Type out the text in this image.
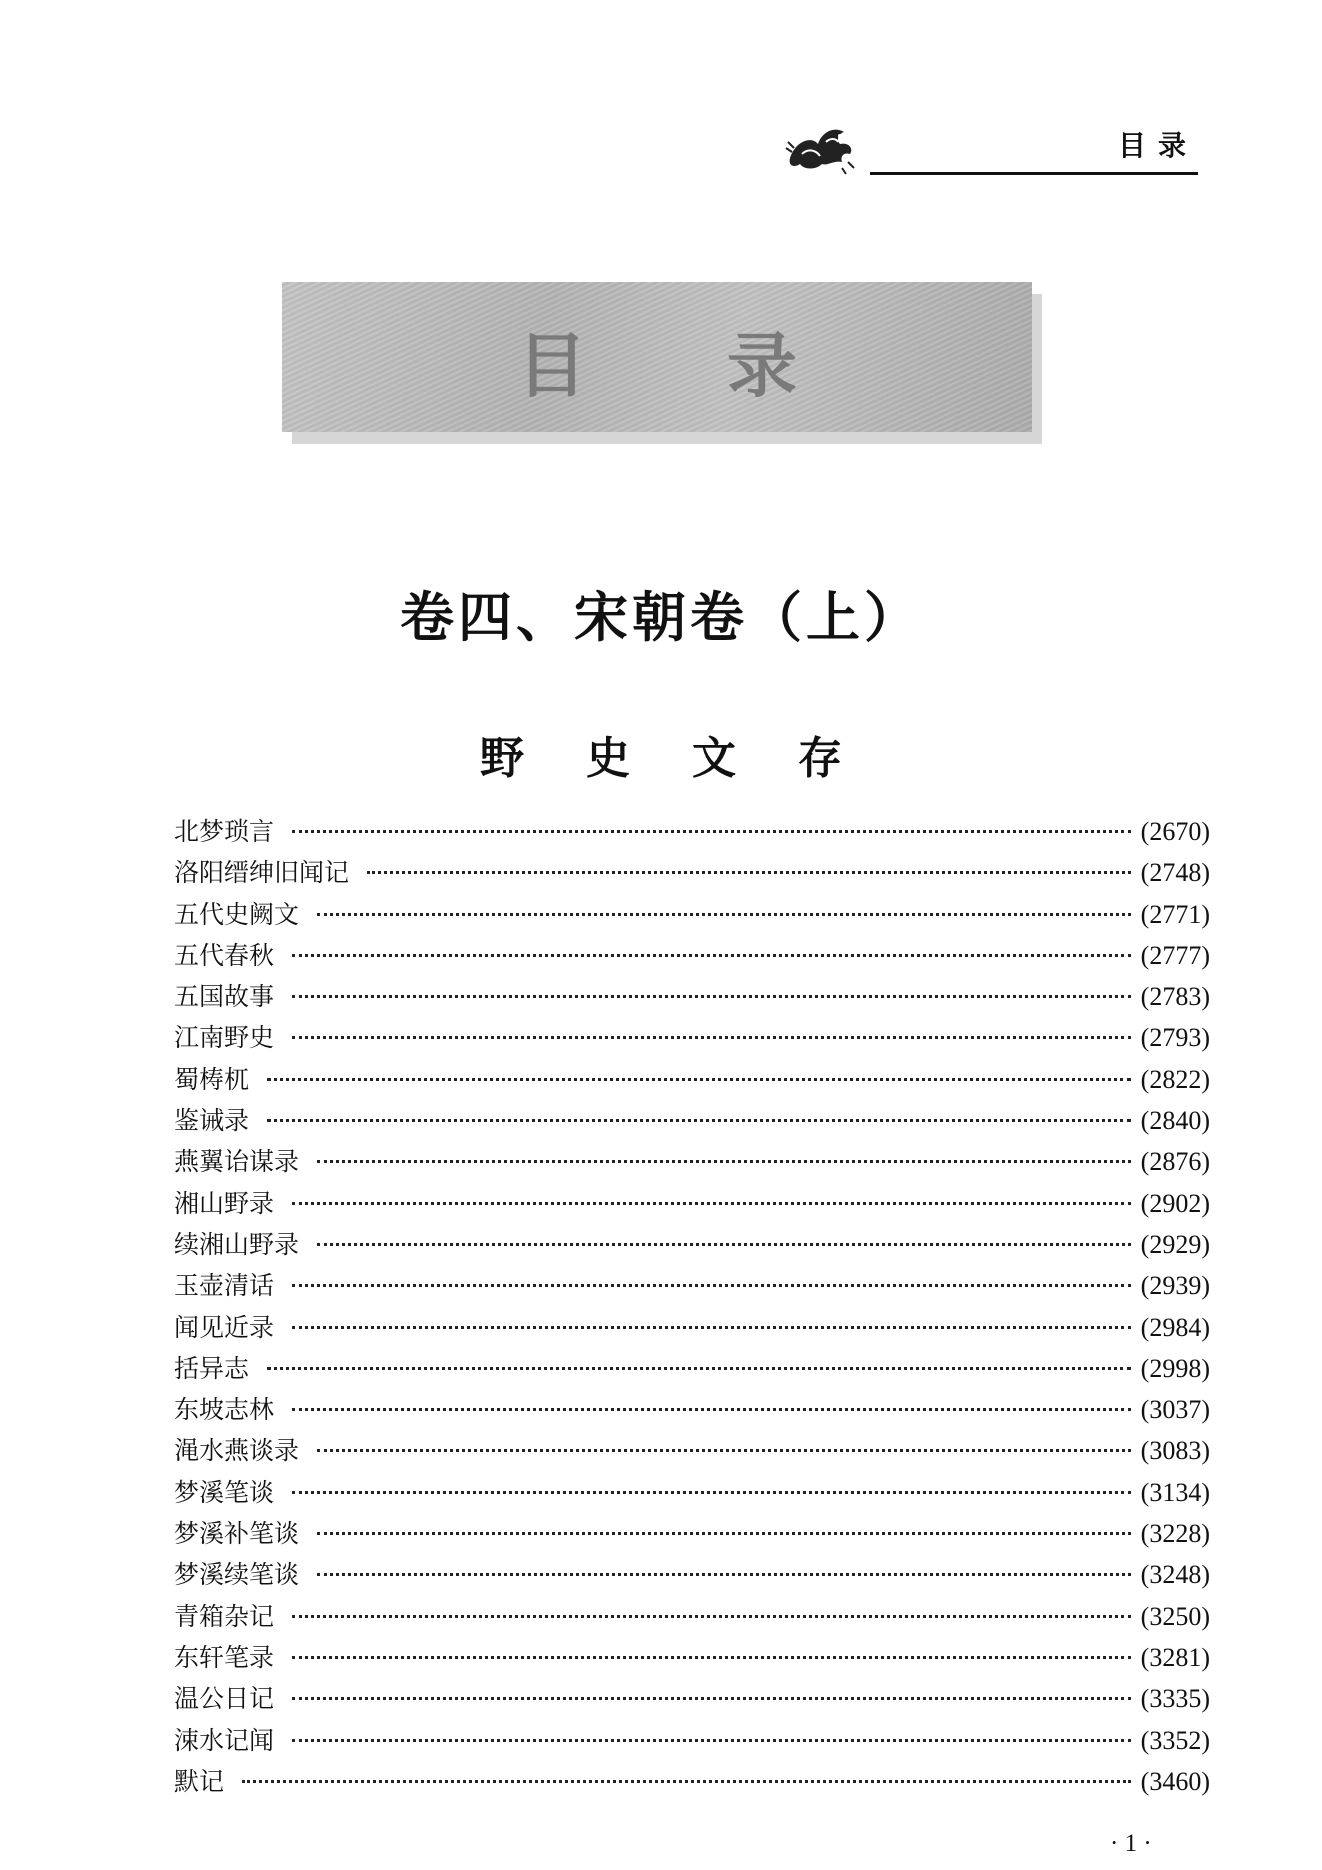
目录
目录
卷四、宋朝卷（上）
野史文存
北梦琐言	(2670)
洛阳缙绅旧闻记	(2748)
五代史阙文	(2771)
五代春秋	(2777)
五国故事	(2783)
江南野史	(2793)
蜀梼杌	(2822)
鉴诫录	(2840)
燕翼诒谋录	(2876)
湘山野录	(2902)
续湘山野录	(2929)
玉壶清话	(2939)
闻见近录	(2984)
括异志	(2998)
东坡志林	(3037)
渑水燕谈录	(3083)
梦溪笔谈	(3134)
梦溪补笔谈	(3228)
梦溪续笔谈	(3248)
青箱杂记	(3250)
东轩笔录	(3281)
温公日记	(3335)
涑水记闻	(3352)
默记	(3460)
· 1 ·
